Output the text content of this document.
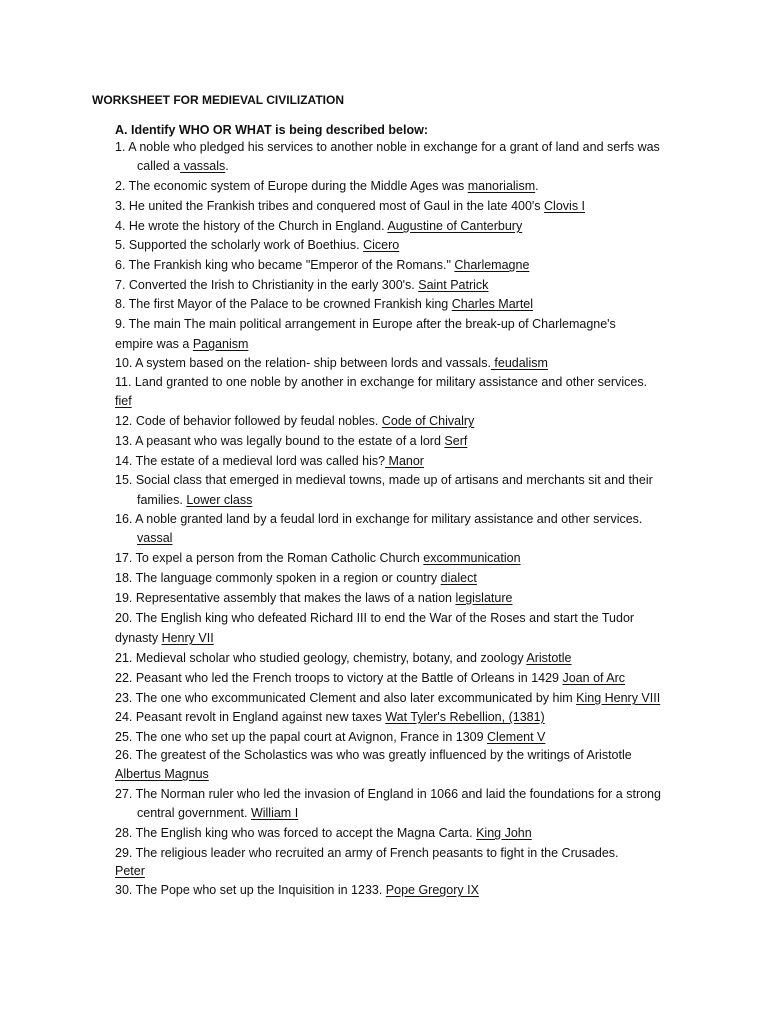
WORKSHEET FOR MEDIEVAL CIVILIZATION
A. Identify WHO OR WHAT is being described below:
1. A noble who pledged his services to another noble in exchange for a grant of land and serfs was
called a vassals.
2. The economic system of Europe during the Middle Ages was manorialism.
3. He united the Frankish tribes and conquered most of Gaul in the late 400's Clovis I
4. He wrote the history of the Church in England. Augustine of Canterbury
5. Supported the scholarly work of Boethius. Cicero
6. The Frankish king who became "Emperor of the Romans." Charlemagne
7. Converted the Irish to Christianity in the early 300's. Saint Patrick
8. The first Mayor of the Palace to be crowned Frankish king Charles Martel
9. The main The main political arrangement in Europe after the break-up of Charlemagne's
empire was a Paganism
10. A system based on the relation- ship between lords and vassals. feudalism
11. Land granted to one noble by another in exchange for military assistance and other services.
fief
12. Code of behavior followed by feudal nobles. Code of Chivalry
13. A peasant who was legally bound to the estate of a lord Serf
14. The estate of a medieval lord was called his? Manor
15. Social class that emerged in medieval towns, made up of artisans and merchants sit and their
families. Lower class
16. A noble granted land by a feudal lord in exchange for military assistance and other services.
vassal
17. To expel a person from the Roman Catholic Church excommunication
18. The language commonly spoken in a region or country dialect
19. Representative assembly that makes the laws of a nation legislature
20. The English king who defeated Richard III to end the War of the Roses and start the Tudor
dynasty Henry VII
21. Medieval scholar who studied geology, chemistry, botany, and zoology Aristotle
22. Peasant who led the French troops to victory at the Battle of Orleans in 1429 Joan of Arc
23. The one who excommunicated Clement and also later excommunicated by him King Henry VIII
24. Peasant revolt in England against new taxes Wat Tyler's Rebellion, (1381)
25. The one who set up the papal court at Avignon, France in 1309 Clement V
26. The greatest of the Scholastics was who was greatly influenced by the writings of Aristotle
Albertus Magnus
27. The Norman ruler who led the invasion of England in 1066 and laid the foundations for a strong
central government. William I
28. The English king who was forced to accept the Magna Carta. King John
29. The religious leader who recruited an army of French peasants to fight in the Crusades.
Peter
30. The Pope who set up the Inquisition in 1233. Pope Gregory IX
